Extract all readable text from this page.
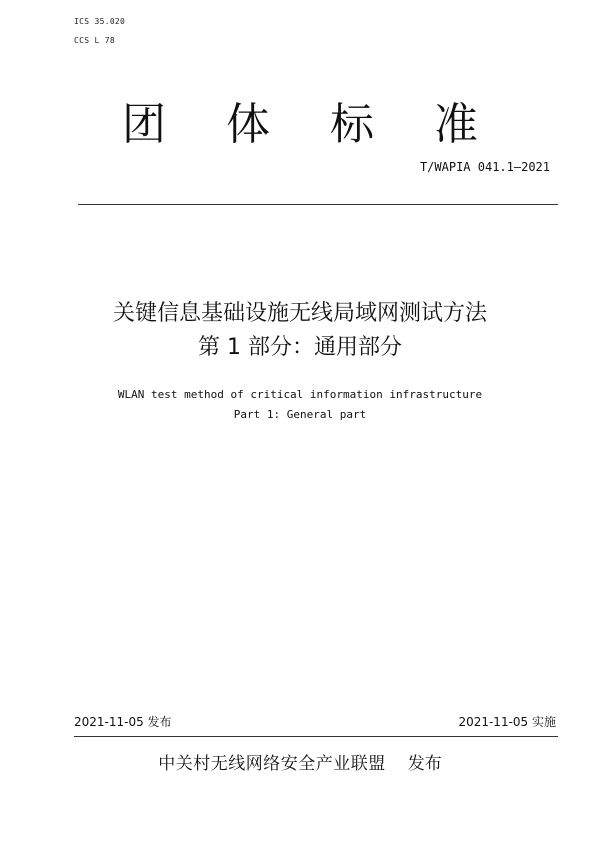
ICS 35.020
CCS L 78
团体标准
T/WAPIA 041.1—2021
关键信息基础设施无线局域网测试方法
第 1 部分：通用部分
WLAN test method of critical information infrastructure
Part 1: General part
2021-11-05 发布	2021-11-05 实施
中关村无线网络安全产业联盟 发布
